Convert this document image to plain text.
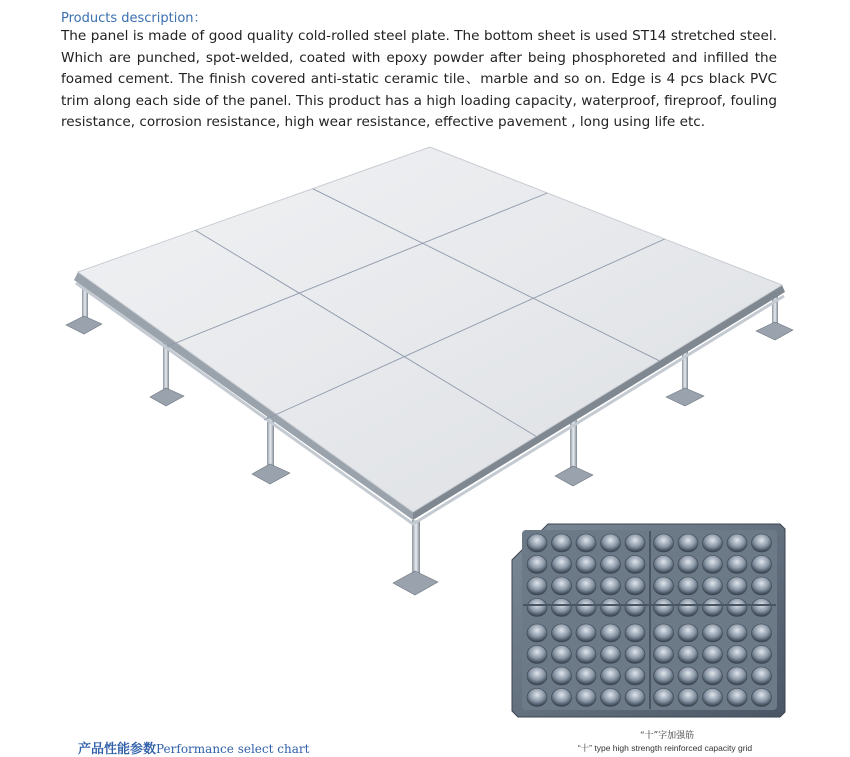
Products description：
The panel is made of good quality cold-rolled steel plate. The bottom sheet is used ST14 stretched steel. Which are punched, spot-welded, coated with epoxy powder after being phosphoreted and infilled the foamed cement. The finish covered anti-static ceramic tile、marble and so on. Edge is 4 pcs black PVC trim along each side of the panel. This product has a high loading capacity, waterproof, fireproof, fouling resistance, corrosion resistance, high wear resistance, effective pavement , long using life etc.
“十”字加强筋
“十” type high strength reinforced capacity grid
产品性能参数Performance select chart
